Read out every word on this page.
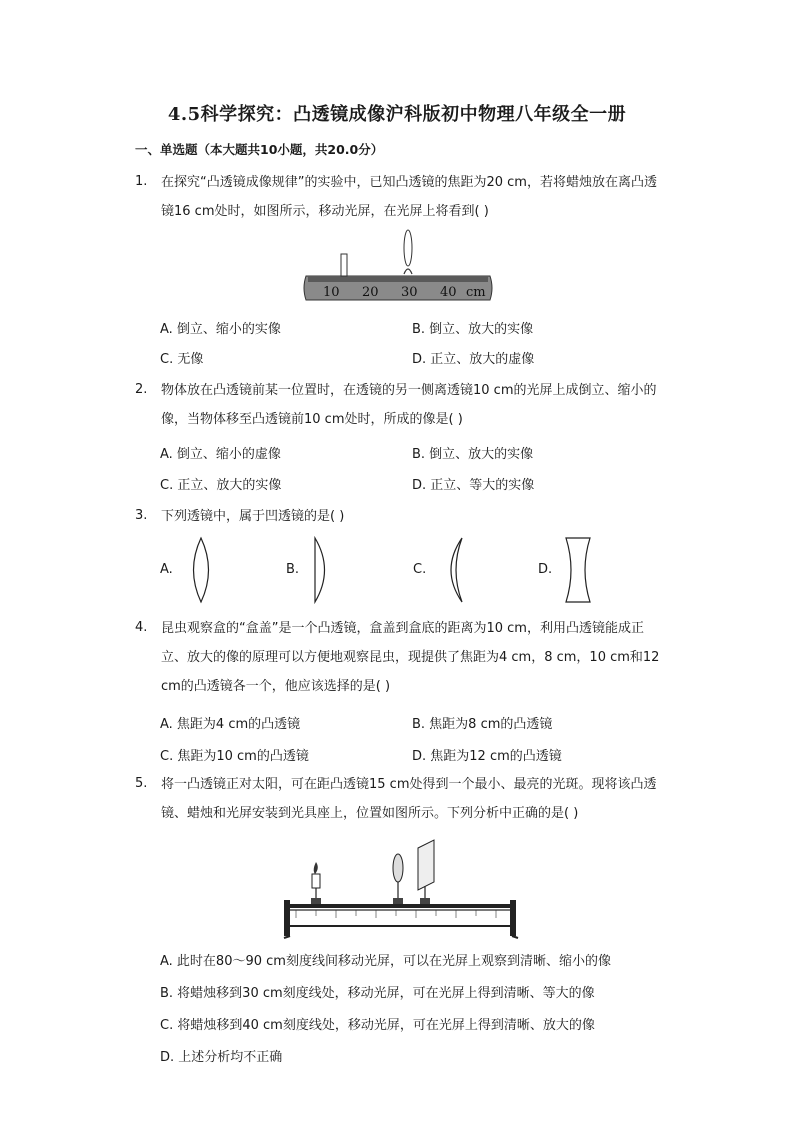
4.5科学探究：凸透镜成像沪科版初中物理八年级全一册
一、单选题（本大题共10小题，共20.0分）
1.	在探究“凸透镜成像规律”的实验中，已知凸透镜的焦距为20 cm，若将蜡烛放在离凸透镜16 cm处时，如图所示，移动光屏，在光屏上将看到( )
10 20 30 40 cm
A. 倒立、缩小的实像	B. 倒立、放大的实像
C. 无像	D. 正立、放大的虚像
2.	物体放在凸透镜前某一位置时，在透镜的另一侧离透镜10 cm的光屏上成倒立、缩小的像，当物体移至凸透镜前10 cm处时，所成的像是( )
A. 倒立、缩小的虚像	B. 倒立、放大的实像
C. 正立、放大的实像	D. 正立、等大的实像
3.	下列透镜中，属于凹透镜的是( )
A.	B.	C.	D.
4.	昆虫观察盒的“盒盖”是一个凸透镜，盒盖到盒底的距离为10 cm，利用凸透镜能成正立、放大的像的原理可以方便地观察昆虫，现提供了焦距为4 cm，8 cm，10 cm和12 cm的凸透镜各一个，他应该选择的是( )
A. 焦距为4 cm的凸透镜	B. 焦距为8 cm的凸透镜
C. 焦距为10 cm的凸透镜	D. 焦距为12 cm的凸透镜
5.	将一凸透镜正对太阳，可在距凸透镜15 cm处得到一个最小、最亮的光斑。现将该凸透镜、蜡烛和光屏安装到光具座上，位置如图所示。下列分析中正确的是( )
A. 此时在80～90 cm刻度线间移动光屏，可以在光屏上观察到清晰、缩小的像
B. 将蜡烛移到30 cm刻度线处，移动光屏，可在光屏上得到清晰、等大的像
C. 将蜡烛移到40 cm刻度线处，移动光屏，可在光屏上得到清晰、放大的像
D. 上述分析均不正确
